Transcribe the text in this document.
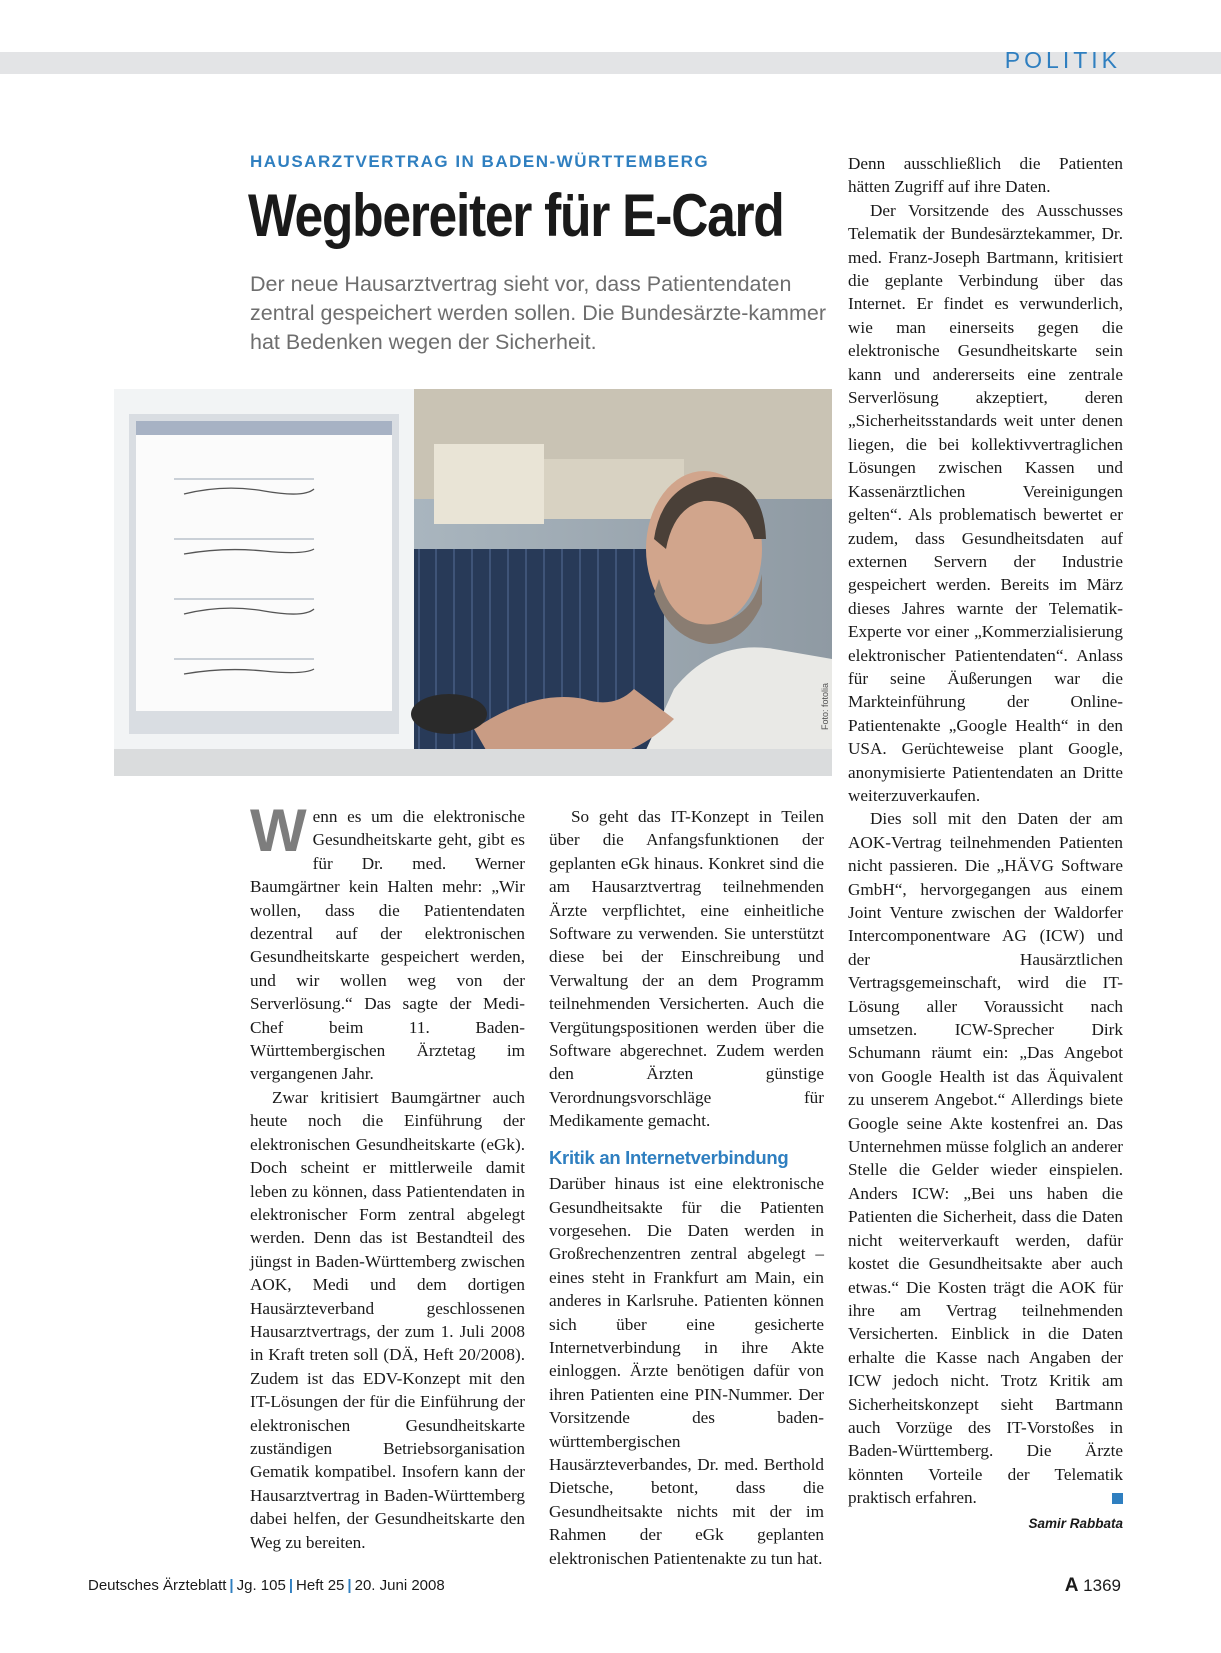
POLITIK
HAUSARZTVERTRAG IN BADEN-WÜRTTEMBERG
Wegbereiter für E-Card

Der neue Hausarztvertrag sieht vor, dass Patientendaten zentral gespeichert werden sollen. Die Bundesärzte-kammer hat Bedenken wegen der Sicherheit.

Foto: fotolia

Wenn es um die elektronische Gesundheitskarte geht, gibt es für Dr. med. Werner Baumgärtner kein Halten mehr: „Wir wollen, dass die Patientendaten dezentral auf der elektronischen Gesundheitskarte gespeichert werden, und wir wollen weg von der Serverlösung.“ Das sagte der Medi-Chef beim 11. Baden-Württembergischen Ärztetag im vergangenen Jahr.

Zwar kritisiert Baumgärtner auch heute noch die Einführung der elektronischen Gesundheitskarte (eGk). Doch scheint er mittlerweile damit leben zu können, dass Patientendaten in elektronischer Form zentral abgelegt werden. Denn das ist Bestandteil des jüngst in Baden-Württemberg zwischen AOK, Medi und dem dortigen Hausärzteverband geschlossenen Hausarztvertrags, der zum 1. Juli 2008 in Kraft treten soll (DÄ, Heft 20/2008). Zudem ist das EDV-Konzept mit den IT-Lösungen der für die Einführung der elektronischen Gesundheitskarte zuständigen Betriebsorganisation Gematik kompatibel. Insofern kann der Hausarztvertrag in Baden-Württemberg dabei helfen, der Gesundheitskarte den Weg zu bereiten.

So geht das IT-Konzept in Teilen über die Anfangsfunktionen der geplanten eGk hinaus. Konkret sind die am Hausarztvertrag teilnehmenden Ärzte verpflichtet, eine einheitliche Software zu verwenden. Sie unterstützt diese bei der Einschreibung und Verwaltung der an dem Programm teilnehmenden Versicherten. Auch die Vergütungspositionen werden über die Software abgerechnet. Zudem werden den Ärzten günstige Verordnungsvorschläge für Medikamente gemacht.

Kritik an Internetverbindung

Darüber hinaus ist eine elektronische Gesundheitsakte für die Patienten vorgesehen. Die Daten werden in Großrechenzentren zentral abgelegt – eines steht in Frankfurt am Main, ein anderes in Karlsruhe. Patienten können sich über eine gesicherte Internetverbindung in ihre Akte einloggen. Ärzte benötigen dafür von ihren Patienten eine PIN-Nummer. Der Vorsitzende des baden-württembergischen Hausärzteverbandes, Dr. med. Berthold Dietsche, betont, dass die Gesundheitsakte nichts mit der im Rahmen der eGk geplanten elektronischen Patientenakte zu tun hat.

Denn ausschließlich die Patienten hätten Zugriff auf ihre Daten.

Der Vorsitzende des Ausschusses Telematik der Bundesärztekammer, Dr. med. Franz-Joseph Bartmann, kritisiert die geplante Verbindung über das Internet. Er findet es verwunderlich, wie man einerseits gegen die elektronische Gesundheitskarte sein kann und andererseits eine zentrale Serverlösung akzeptiert, deren „Sicherheitsstandards weit unter denen liegen, die bei kollektivvertraglichen Lösungen zwischen Kassen und Kassenärztlichen Vereinigungen gelten“. Als problematisch bewertet er zudem, dass Gesundheitsdaten auf externen Servern der Industrie gespeichert werden. Bereits im März dieses Jahres warnte der Telematik-Experte vor einer „Kommerzialisierung elektronischer Patientendaten“. Anlass für seine Äußerungen war die Markteinführung der Online-Patientenakte „Google Health“ in den USA. Gerüchteweise plant Google, anonymisierte Patientendaten an Dritte weiterzuverkaufen.

Dies soll mit den Daten der am AOK-Vertrag teilnehmenden Patienten nicht passieren. Die „HÄVG Software GmbH“, hervorgegangen aus einem Joint Venture zwischen der Waldorfer Intercomponentware AG (ICW) und der Hausärztlichen Vertragsgemeinschaft, wird die IT-Lösung aller Voraussicht nach umsetzen. ICW-Sprecher Dirk Schumann räumt ein: „Das Angebot von Google Health ist das Äquivalent zu unserem Angebot.“ Allerdings biete Google seine Akte kostenfrei an. Das Unternehmen müsse folglich an anderer Stelle die Gelder wieder einspielen. Anders ICW: „Bei uns haben die Patienten die Sicherheit, dass die Daten nicht weiterverkauft werden, dafür kostet die Gesundheitsakte aber auch etwas.“ Die Kosten trägt die AOK für ihre am Vertrag teilnehmenden Versicherten. Einblick in die Daten erhalte die Kasse nach Angaben der ICW jedoch nicht. Trotz Kritik am Sicherheitskonzept sieht Bartmann auch Vorzüge des IT-Vorstoßes in Baden-Württemberg. Die Ärzte könnten Vorteile der Telematik praktisch erfahren.

Samir Rabbata
Deutsches Ärzteblatt | Jg. 105 | Heft 25 | 20. Juni 2008	A 1369
